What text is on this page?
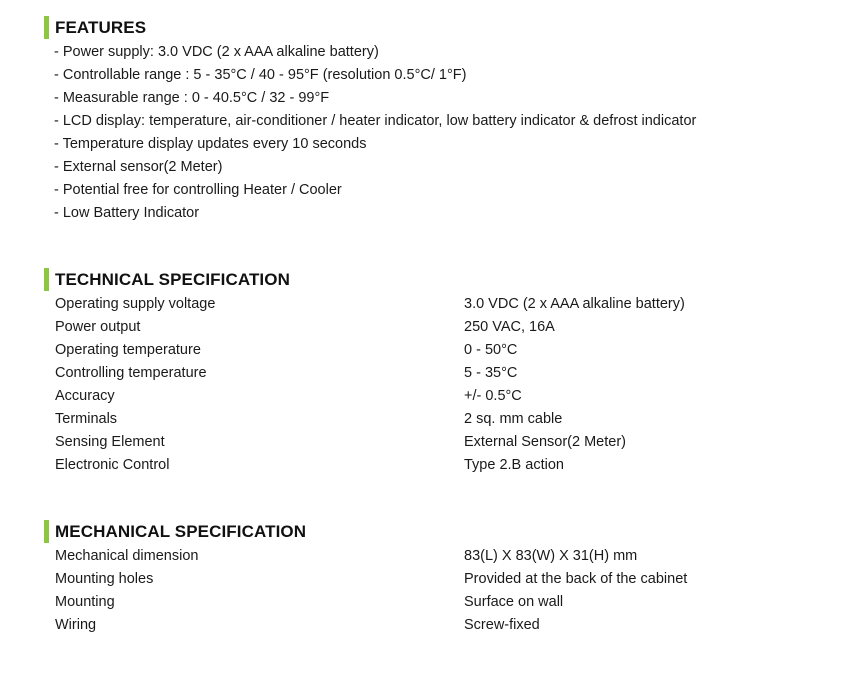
FEATURES
- Power supply: 3.0 VDC (2 x AAA alkaline battery)
- Controllable range : 5 - 35°C / 40 - 95°F (resolution 0.5°C/ 1°F)
- Measurable range : 0 - 40.5°C / 32 - 99°F
- LCD display: temperature, air-conditioner / heater indicator, low battery indicator & defrost indicator
- Temperature display updates every 10 seconds
- External sensor(2 Meter)
- Potential free for controlling Heater / Cooler
- Low Battery Indicator
TECHNICAL SPECIFICATION
Operating supply voltage	3.0 VDC (2 x AAA alkaline battery)
Power output	250 VAC, 16A
Operating temperature	0 - 50°C
Controlling temperature	5 - 35°C
Accuracy	+/- 0.5°C
Terminals	2 sq. mm cable
Sensing Element	External Sensor(2 Meter)
Electronic Control	Type 2.B action
MECHANICAL SPECIFICATION
Mechanical dimension	83(L) X 83(W) X 31(H) mm
Mounting holes	Provided at the back of the cabinet
Mounting	Surface on wall
Wiring	Screw-fixed
